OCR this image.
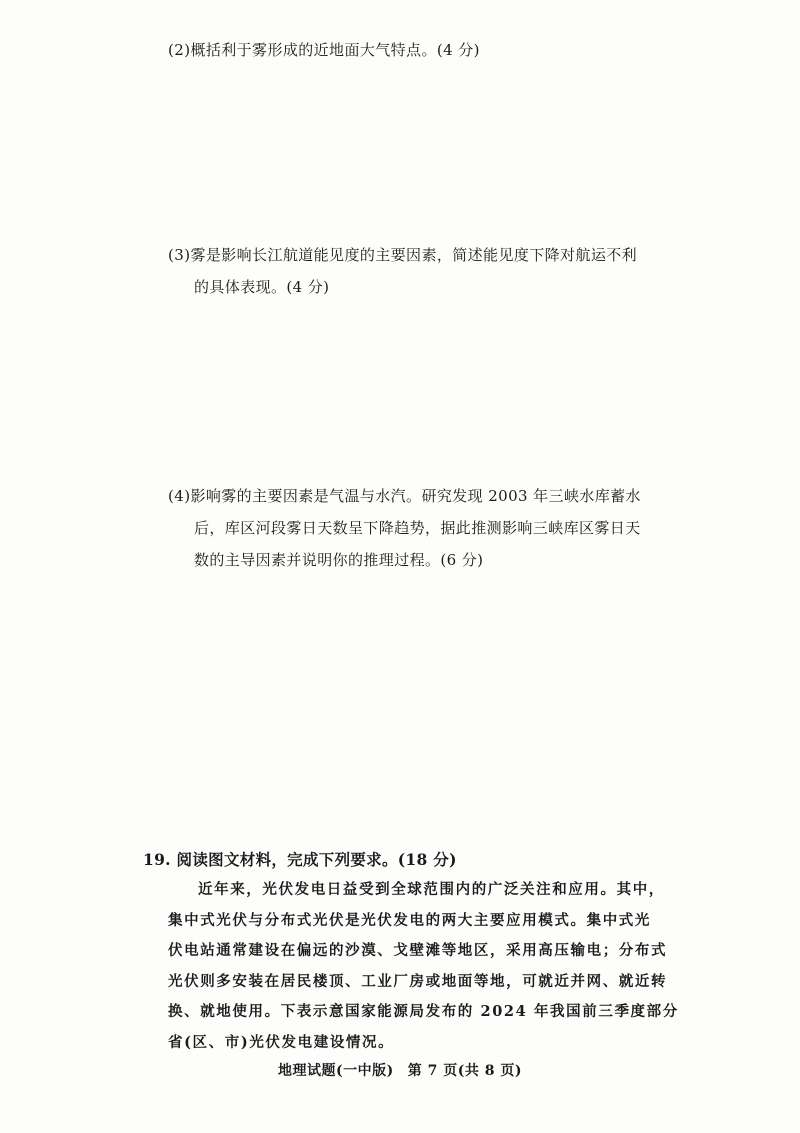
(2)概括利于雾形成的近地面大气特点。(4 分)
(3)雾是影响长江航道能见度的主要因素，简述能见度下降对航运不利
的具体表现。(4 分)
(4)影响雾的主要因素是气温与水汽。研究发现 2003 年三峡水库蓄水
后，库区河段雾日天数呈下降趋势，据此推测影响三峡库区雾日天
数的主导因素并说明你的推理过程。(6 分)
19. 阅读图文材料，完成下列要求。(18 分)
近年来，光伏发电日益受到全球范围内的广泛关注和应用。其中，
集中式光伏与分布式光伏是光伏发电的两大主要应用模式。集中式光
伏电站通常建设在偏远的沙漠、戈壁滩等地区，采用高压输电；分布式
光伏则多安装在居民楼顶、工业厂房或地面等地，可就近并网、就近转
换、就地使用。下表示意国家能源局发布的 2024 年我国前三季度部分
省(区、市)光伏发电建设情况。
地理试题(一中版) 第 7 页(共 8 页)
